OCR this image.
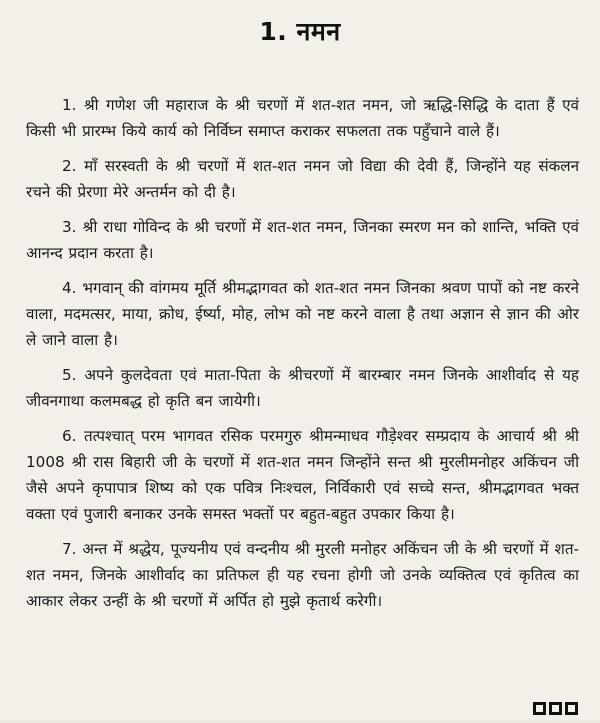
1. नमन

1. श्री गणेश जी महाराज के श्री चरणों में शत-शत नमन, जो ऋद्धि-सिद्धि के दाता हैं एवं किसी भी प्रारम्भ किये कार्य को निर्विघ्न समाप्त कराकर सफलता तक पहुँचाने वाले हैं।

2. माँ सरस्वती के श्री चरणों में शत-शत नमन जो विद्या की देवी हैं, जिन्होंने यह संकलन रचने की प्रेरणा मेरे अन्तर्मन को दी है।

3. श्री राधा गोविन्द के श्री चरणों में शत-शत नमन, जिनका स्मरण मन को शान्ति, भक्ति एवं आनन्द प्रदान करता है।

4. भगवान् की वांगमय मूर्ति श्रीमद्भागवत को शत-शत नमन जिनका श्रवण पापों को नष्ट करने वाला, मदमत्सर, माया, क्रोध, ईर्ष्या, मोह, लोभ को नष्ट करने वाला है तथा अज्ञान से ज्ञान की ओर ले जाने वाला है।

5. अपने कुलदेवता एवं माता-पिता के श्रीचरणों में बारम्बार नमन जिनके आशीर्वाद से यह जीवनगाथा कलमबद्ध हो कृति बन जायेगी।

6. तत्पश्चात् परम भागवत रसिक परमगुरु श्रीमन्माधव गौड़ेश्वर सम्प्रदाय के आचार्य श्री श्री 1008 श्री रास बिहारी जी के चरणों में शत-शत नमन जिन्होंने सन्त श्री मुरलीमनोहर अकिंचन जी जैसे अपने कृपापात्र शिष्य को एक पवित्र निःश्चल, निर्विकारी एवं सच्चे सन्त, श्रीमद्भागवत भक्त वक्ता एवं पुजारी बनाकर उनके समस्त भक्तों पर बहुत-बहुत उपकार किया है।

7. अन्त में श्रद्धेय, पूज्यनीय एवं वन्दनीय श्री मुरली मनोहर अकिंचन जी के श्री चरणों में शत-शत नमन, जिनके आशीर्वाद का प्रतिफल ही यह रचना होगी जो उनके व्यक्तित्व एवं कृतित्व का आकार लेकर उन्हीं के श्री चरणों में अर्पित हो मुझे कृतार्थ करेगी।
